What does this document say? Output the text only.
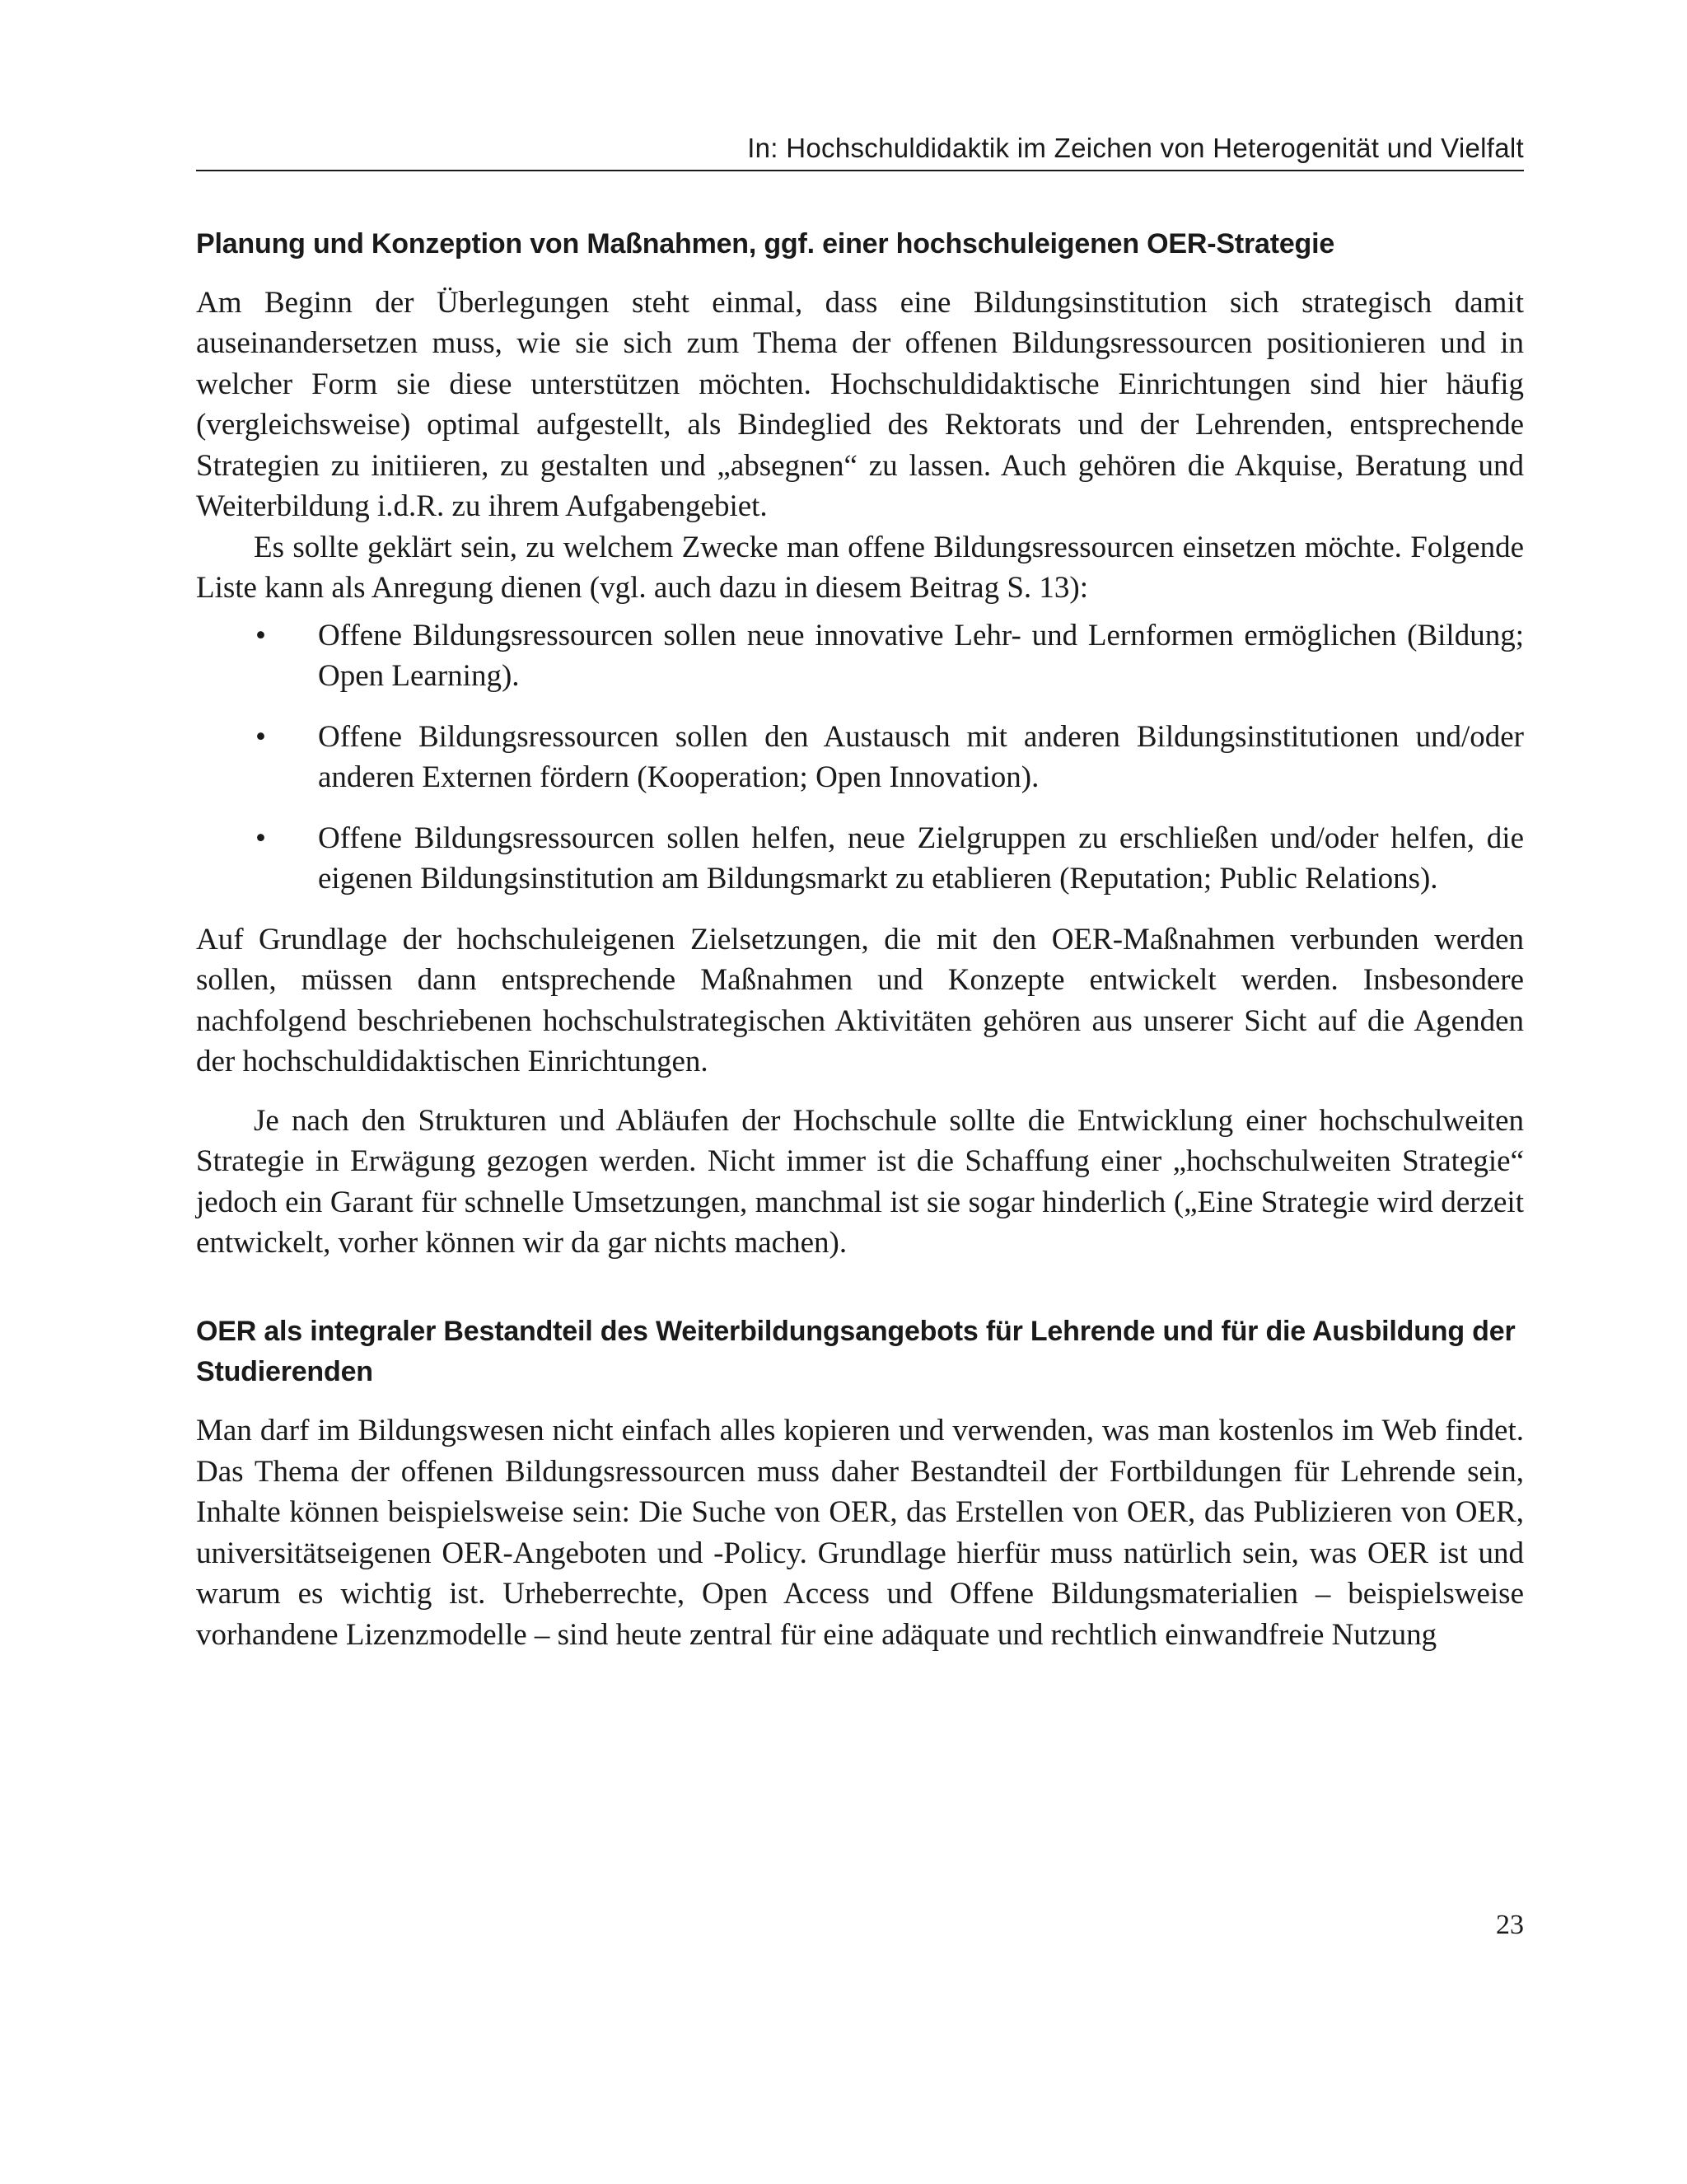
In: Hochschuldidaktik im Zeichen von Heterogenität und Vielfalt
Planung und Konzeption von Maßnahmen, ggf. einer hochschuleigenen OER-Strategie

Am Beginn der Überlegungen steht einmal, dass eine Bildungsinstitution sich strategisch damit auseinandersetzen muss, wie sie sich zum Thema der offenen Bildungsressourcen positionieren und in welcher Form sie diese unterstützen möchten. Hochschuldidaktische Einrichtungen sind hier häufig (vergleichsweise) optimal aufgestellt, als Bindeglied des Rektorats und der Lehrenden, entsprechende Strategien zu initiieren, zu gestalten und „absegnen“ zu lassen. Auch gehören die Akquise, Beratung und Weiterbildung i.d.R. zu ihrem Aufgabengebiet.

Es sollte geklärt sein, zu welchem Zwecke man offene Bildungsressourcen einsetzen möchte. Folgende Liste kann als Anregung dienen (vgl. auch dazu in diesem Beitrag S. 13):

• Offene Bildungsressourcen sollen neue innovative Lehr- und Lernformen ermöglichen (Bildung; Open Learning).
• Offene Bildungsressourcen sollen den Austausch mit anderen Bildungsinstitutionen und/oder anderen Externen fördern (Kooperation; Open Innovation).
• Offene Bildungsressourcen sollen helfen, neue Zielgruppen zu erschließen und/oder helfen, die eigenen Bildungsinstitution am Bildungsmarkt zu etablieren (Reputation; Public Relations).

Auf Grundlage der hochschuleigenen Zielsetzungen, die mit den OER-Maßnahmen verbunden werden sollen, müssen dann entsprechende Maßnahmen und Konzepte entwickelt werden. Insbesondere nachfolgend beschriebenen hochschulstrategischen Aktivitäten gehören aus unserer Sicht auf die Agenden der hochschuldidaktischen Einrichtungen.

Je nach den Strukturen und Abläufen der Hochschule sollte die Entwicklung einer hochschulweiten Strategie in Erwägung gezogen werden. Nicht immer ist die Schaffung einer „hochschulweiten Strategie“ jedoch ein Garant für schnelle Umsetzungen, manchmal ist sie sogar hinderlich („Eine Strategie wird derzeit entwickelt, vorher können wir da gar nichts machen).

OER als integraler Bestandteil des Weiterbildungsangebots für Lehrende und für die Ausbildung der Studierenden

Man darf im Bildungswesen nicht einfach alles kopieren und verwenden, was man kostenlos im Web findet. Das Thema der offenen Bildungsressourcen muss daher Bestandteil der Fortbildungen für Lehrende sein, Inhalte können beispielsweise sein: Die Suche von OER, das Erstellen von OER, das Publizieren von OER, universitätseigenen OER-Angeboten und -Policy. Grundlage hierfür muss natürlich sein, was OER ist und warum es wichtig ist. Urheberrechte, Open Access und Offene Bildungsmaterialien – beispielsweise vorhandene Lizenzmodelle – sind heute zentral für eine adäquate und rechtlich einwandfreie Nutzung

23
